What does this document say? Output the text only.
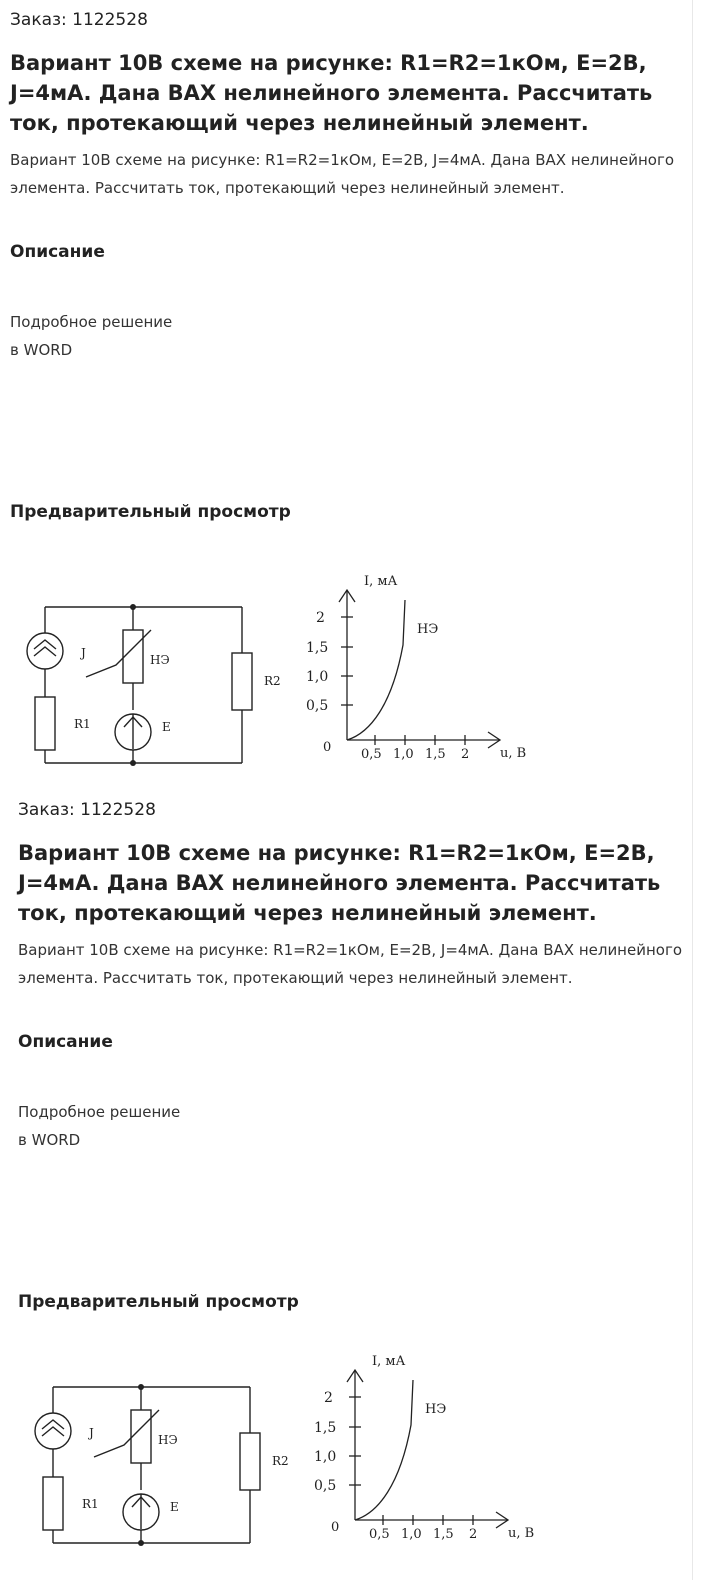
Заказ: 1122528
Вариант 10В схеме на рисунке: R1=R2=1кОм, E=2B, J=4мА. Дана ВАХ нелинейного элемента. Рассчитать ток, протекающий через нелинейный элемент.

Вариант 10В схеме на рисунке: R1=R2=1кОм, E=2B, J=4мА. Дана ВАХ нелинейного элемента. Рассчитать ток, протекающий через нелинейный элемент.

Описание
Подробное решение
в WORD
Предварительный просмотр
J	НЭ
E
R1
R2
I, мА
u, В
НЭ
0
2
1,5
1,0
0,5
0,5 1,0 1,5 2
Заказ: 1122528
Вариант 10В схеме на рисунке: R1=R2=1кОм, E=2B, J=4мА. Дана ВАХ нелинейного элемента. Рассчитать ток, протекающий через нелинейный элемент.

Вариант 10В схеме на рисунке: R1=R2=1кОм, E=2B, J=4мА. Дана ВАХ нелинейного элемента. Рассчитать ток, протекающий через нелинейный элемент.

Описание
Подробное решение
в WORD
Предварительный просмотр
J	НЭ
E
R1
R2
I, мА
u, В
НЭ
0
2
1,5
1,0
0,5
0,5 1,0 1,5 2
